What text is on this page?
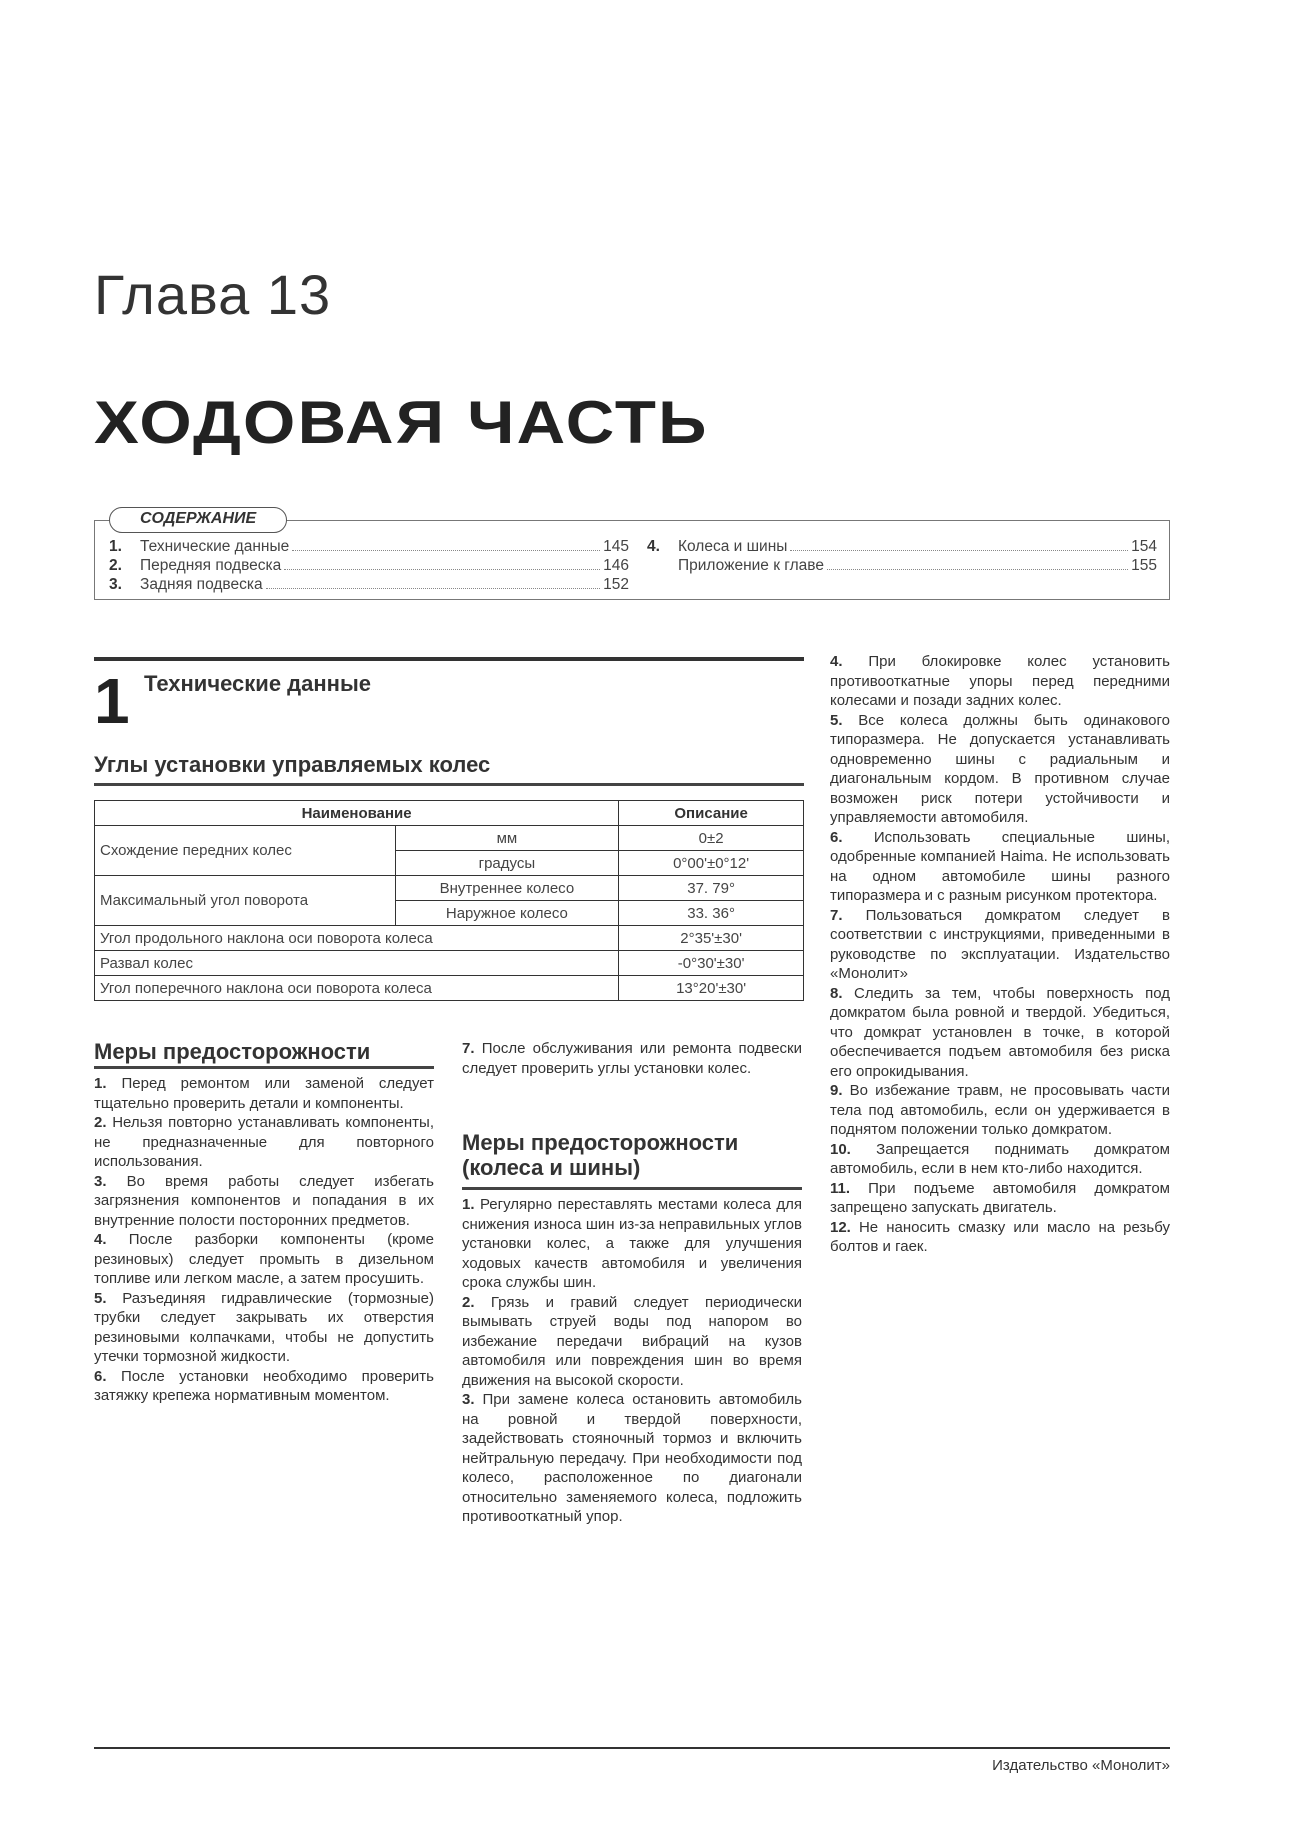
Глава 13
ХОДОВАЯ ЧАСТЬ
СОДЕРЖАНИЕ
1.	Технические данные	145
2.	Передняя подвеска	146
3.	Задняя подвеска	152
4.	Колеса и шины	154
Приложение к главе	155
1 Технические данные
Углы установки управляемых колес
Наименование		Описание
Схождение передних колес	мм	0±2
	градусы	0°00'±0°12'
Максимальный угол поворота	Внутреннее колесо	37. 79°
	Наружное колесо	33. 36°
Угол продольного наклона оси поворота колеса		2°35'±30'
Развал колес		-0°30'±30'
Угол поперечного наклона оси поворота колеса		13°20'±30'
Меры предосторожности

1. Перед ремонтом или заменой следует тщательно проверить детали и компоненты.

2. Нельзя повторно устанавливать компоненты, не предназначенные для повторного использования.

3. Во время работы следует избегать загрязнения компонентов и попадания в их внутренние полости посторонних предметов.

4. После разборки компоненты (кроме резиновых) следует промыть в дизельном топливе или легком масле, а затем просушить.

5. Разъединяя гидравлические (тормозные) трубки следует закрывать их отверстия резиновыми колпачками, чтобы не допустить утечки тормозной жидкости.

6. После установки необходимо проверить затяжку крепежа нормативным моментом.

7. После обслуживания или ремонта подвески следует проверить углы установки колес.

Меры предосторожности (колеса и шины)

1. Регулярно переставлять местами колеса для снижения износа шин из-за неправильных углов установки колес, а также для улучшения ходовых качеств автомобиля и увеличения срока службы шин.

2. Грязь и гравий следует периодически вымывать струей воды под напором во избежание передачи вибраций на кузов автомобиля или повреждения шин во время движения на высокой скорости.

3. При замене колеса остановить автомобиль на ровной и твердой поверхности, задействовать стояночный тормоз и включить нейтральную передачу. При необходимости под колесо, расположенное по диагонали относительно заменяемого колеса, подложить противооткатный упор.

4. При блокировке колес установить противооткатные упоры перед передними колесами и позади задних колес.

5. Все колеса должны быть одинакового типоразмера. Не допускается устанавливать одновременно шины с радиальным и диагональным кордом. В противном случае возможен риск потери устойчивости и управляемости автомобиля.

6. Использовать специальные шины, одобренные компанией Haima. Не использовать на одном автомобиле шины разного типоразмера и с разным рисунком протектора.

7. Пользоваться домкратом следует в соответствии с инструкциями, приведенными в руководстве по эксплуатации. Издательство «Монолит»

8. Следить за тем, чтобы поверхность под домкратом была ровной и твердой. Убедиться, что домкрат установлен в точке, в которой обеспечивается подъем автомобиля без риска его опрокидывания.

9. Во избежание травм, не просовывать части тела под автомобиль, если он удерживается в поднятом положении только домкратом.

10. Запрещается поднимать домкратом автомобиль, если в нем кто-либо находится.

11. При подъеме автомобиля домкратом запрещено запускать двигатель.

12. Не наносить смазку или масло на резьбу болтов и гаек.

Издательство «Монолит»
